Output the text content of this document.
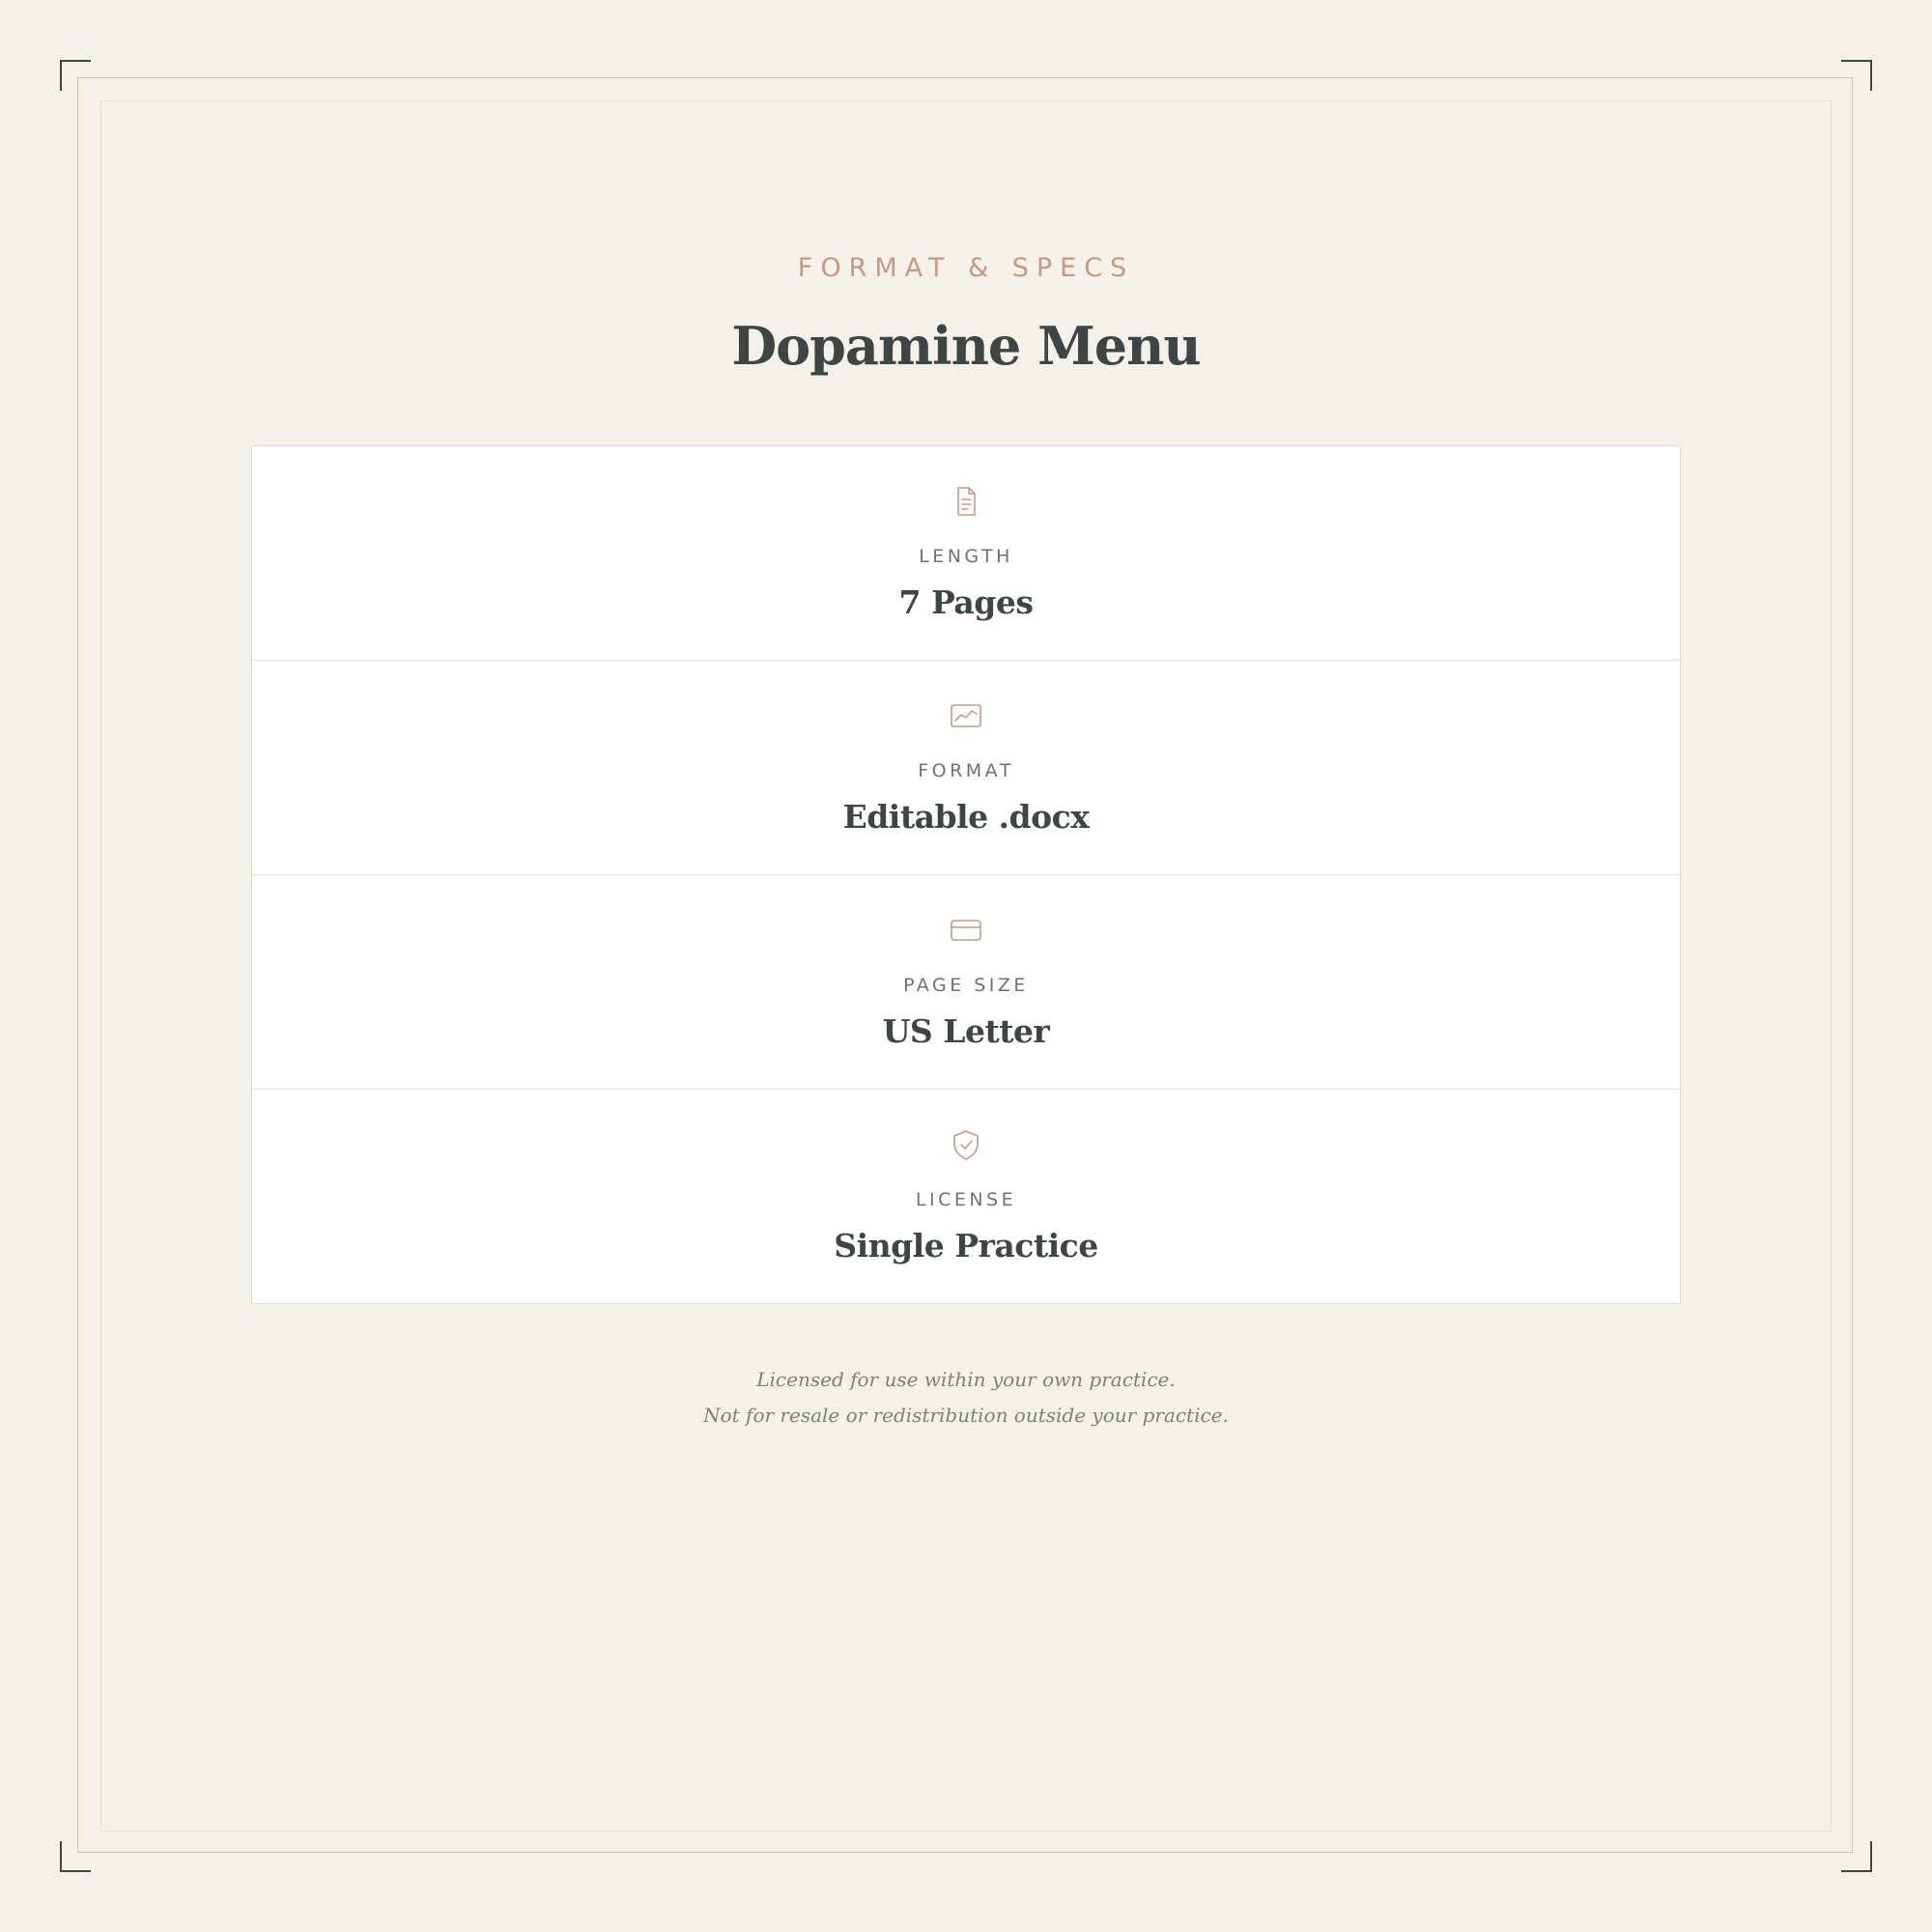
FORMAT & SPECS
Dopamine Menu
LENGTH
7 Pages
FORMAT
Editable .docx
PAGE SIZE
US Letter
LICENSE
Single Practice
Licensed for use within your own practice.
Not for resale or redistribution outside your practice.
